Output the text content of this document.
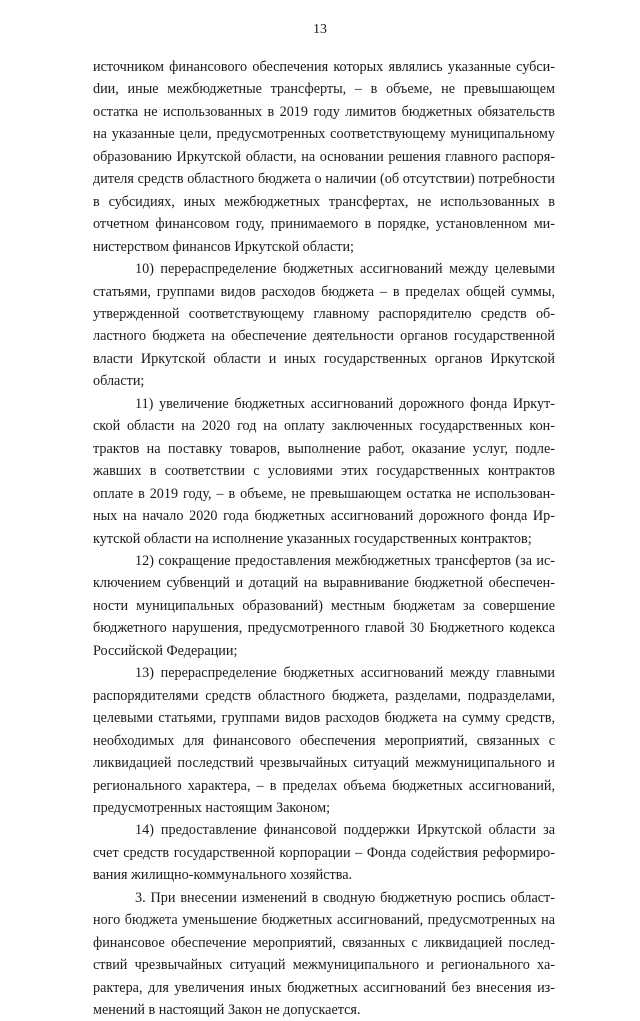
13

источником финансового обеспечения которых являлись указанные субсиdии, иные межбюджетные трансферты, – в объеме, не превышающем остатка не использованных в 2019 году лимитов бюджетных обязательств на указанные цели, предусмотренных соответствующему муниципальному образованию Иркутской области, на основании решения главного распорядителя средств областного бюджета о наличии (об отсутствии) потребности в субсидиях, иных межбюджетных трансфертах, не использованных в отчетном финансовом году, принимаемого в порядке, установленном министерством финансов Иркутской области;

10) перераспределение бюджетных ассигнований между целевыми статьями, группами видов расходов бюджета – в пределах общей суммы, утвержденной соответствующему главному распорядителю средств областного бюджета на обеспечение деятельности органов государственной власти Иркутской области и иных государственных органов Иркутской области;

11) увеличение бюджетных ассигнований дорожного фонда Иркутской области на 2020 год на оплату заключенных государственных контрактов на поставку товаров, выполнение работ, оказание услуг, подлежавших в соответствии с условиями этих государственных контрактов оплате в 2019 году, – в объеме, не превышающем остатка не использованных на начало 2020 года бюджетных ассигнований дорожного фонда Иркутской области на исполнение указанных государственных контрактов;

12) сокращение предоставления межбюджетных трансфертов (за исключением субвенций и дотаций на выравнивание бюджетной обеспеченности муниципальных образований) местным бюджетам за совершение бюджетного нарушения, предусмотренного главой 30 Бюджетного кодекса Российской Федерации;

13) перераспределение бюджетных ассигнований между главными распорядителями средств областного бюджета, разделами, подразделами, целевыми статьями, группами видов расходов бюджета на сумму средств, необходимых для финансового обеспечения мероприятий, связанных с ликвидацией последствий чрезвычайных ситуаций межмуниципального и регионального характера, – в пределах объема бюджетных ассигнований, предусмотренных настоящим Законом;

14) предоставление финансовой поддержки Иркутской области за счет средств государственной корпорации – Фонда содействия реформирования жилищно-коммунального хозяйства.

3. При внесении изменений в сводную бюджетную роспись областного бюджета уменьшение бюджетных ассигнований, предусмотренных на финансовое обеспечение мероприятий, связанных с ликвидацией последствий чрезвычайных ситуаций межмуниципального и регионального характера, для увеличения иных бюджетных ассигнований без внесения изменений в настоящий Закон не допускается.
